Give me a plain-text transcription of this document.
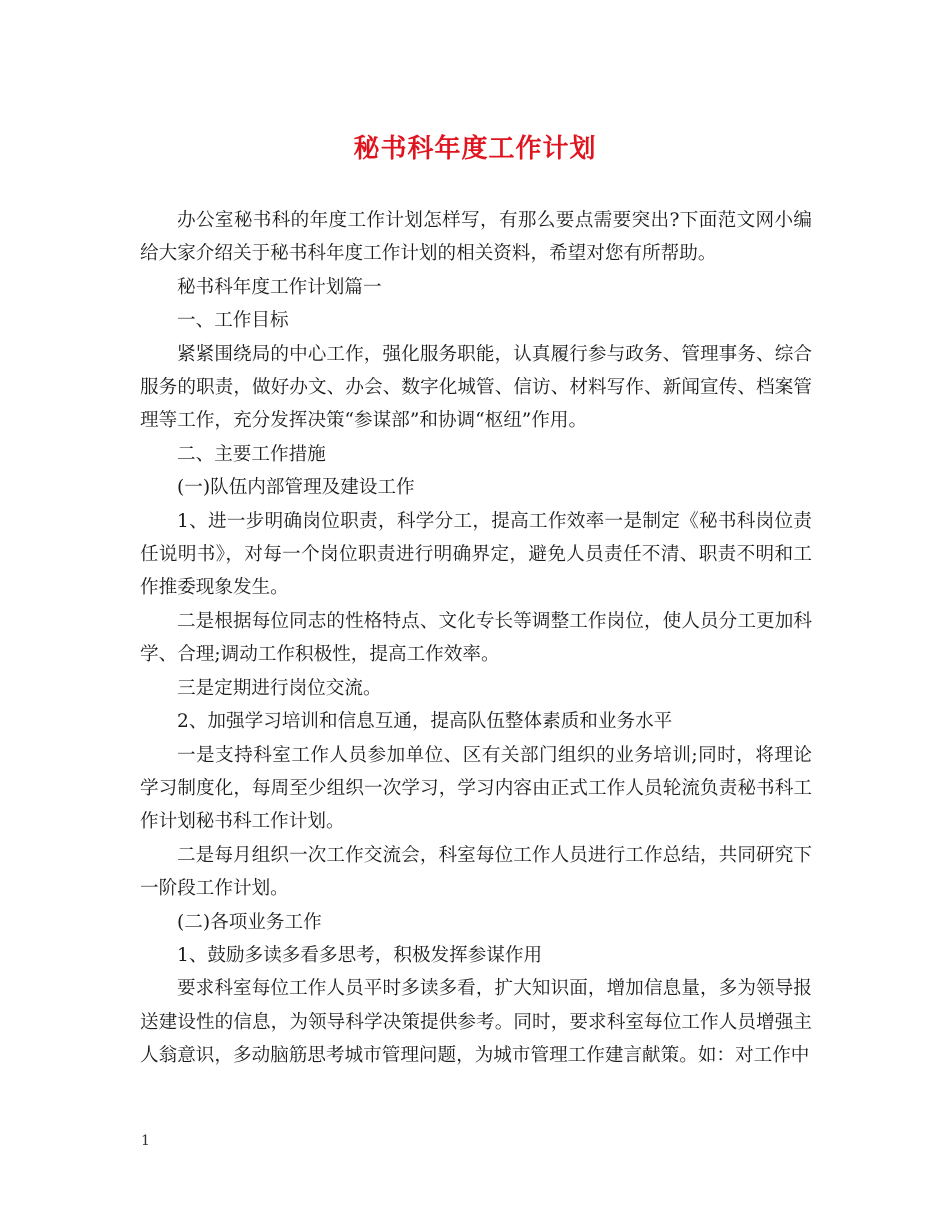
秘书科年度工作计划

办公室秘书科的年度工作计划怎样写，有那么要点需要突出?下面范文网小编给大家介绍关于秘书科年度工作计划的相关资料，希望对您有所帮助。

秘书科年度工作计划篇一

一、工作目标

紧紧围绕局的中心工作，强化服务职能，认真履行参与政务、管理事务、综合服务的职责，做好办文、办会、数字化城管、信访、材料写作、新闻宣传、档案管理等工作，充分发挥决策“参谋部”和协调“枢纽”作用。

二、主要工作措施

(一)队伍内部管理及建设工作

1、进一步明确岗位职责，科学分工，提高工作效率一是制定《秘书科岗位责任说明书》，对每一个岗位职责进行明确界定，避免人员责任不清、职责不明和工作推委现象发生。

二是根据每位同志的性格特点、文化专长等调整工作岗位，使人员分工更加科学、合理;调动工作积极性，提高工作效率。

三是定期进行岗位交流。

2、加强学习培训和信息互通，提高队伍整体素质和业务水平

一是支持科室工作人员参加单位、区有关部门组织的业务培训;同时，将理论学习制度化，每周至少组织一次学习，学习内容由正式工作人员轮流负责秘书科工作计划秘书科工作计划。

二是每月组织一次工作交流会，科室每位工作人员进行工作总结，共同研究下一阶段工作计划。

(二)各项业务工作

1、鼓励多读多看多思考，积极发挥参谋作用

要求科室每位工作人员平时多读多看，扩大知识面，增加信息量，多为领导报送建设性的信息，为领导科学决策提供参考。同时，要求科室每位工作人员增强主人翁意识，多动脑筋思考城市管理问题，为城市管理工作建言献策。如：对工作中

1
